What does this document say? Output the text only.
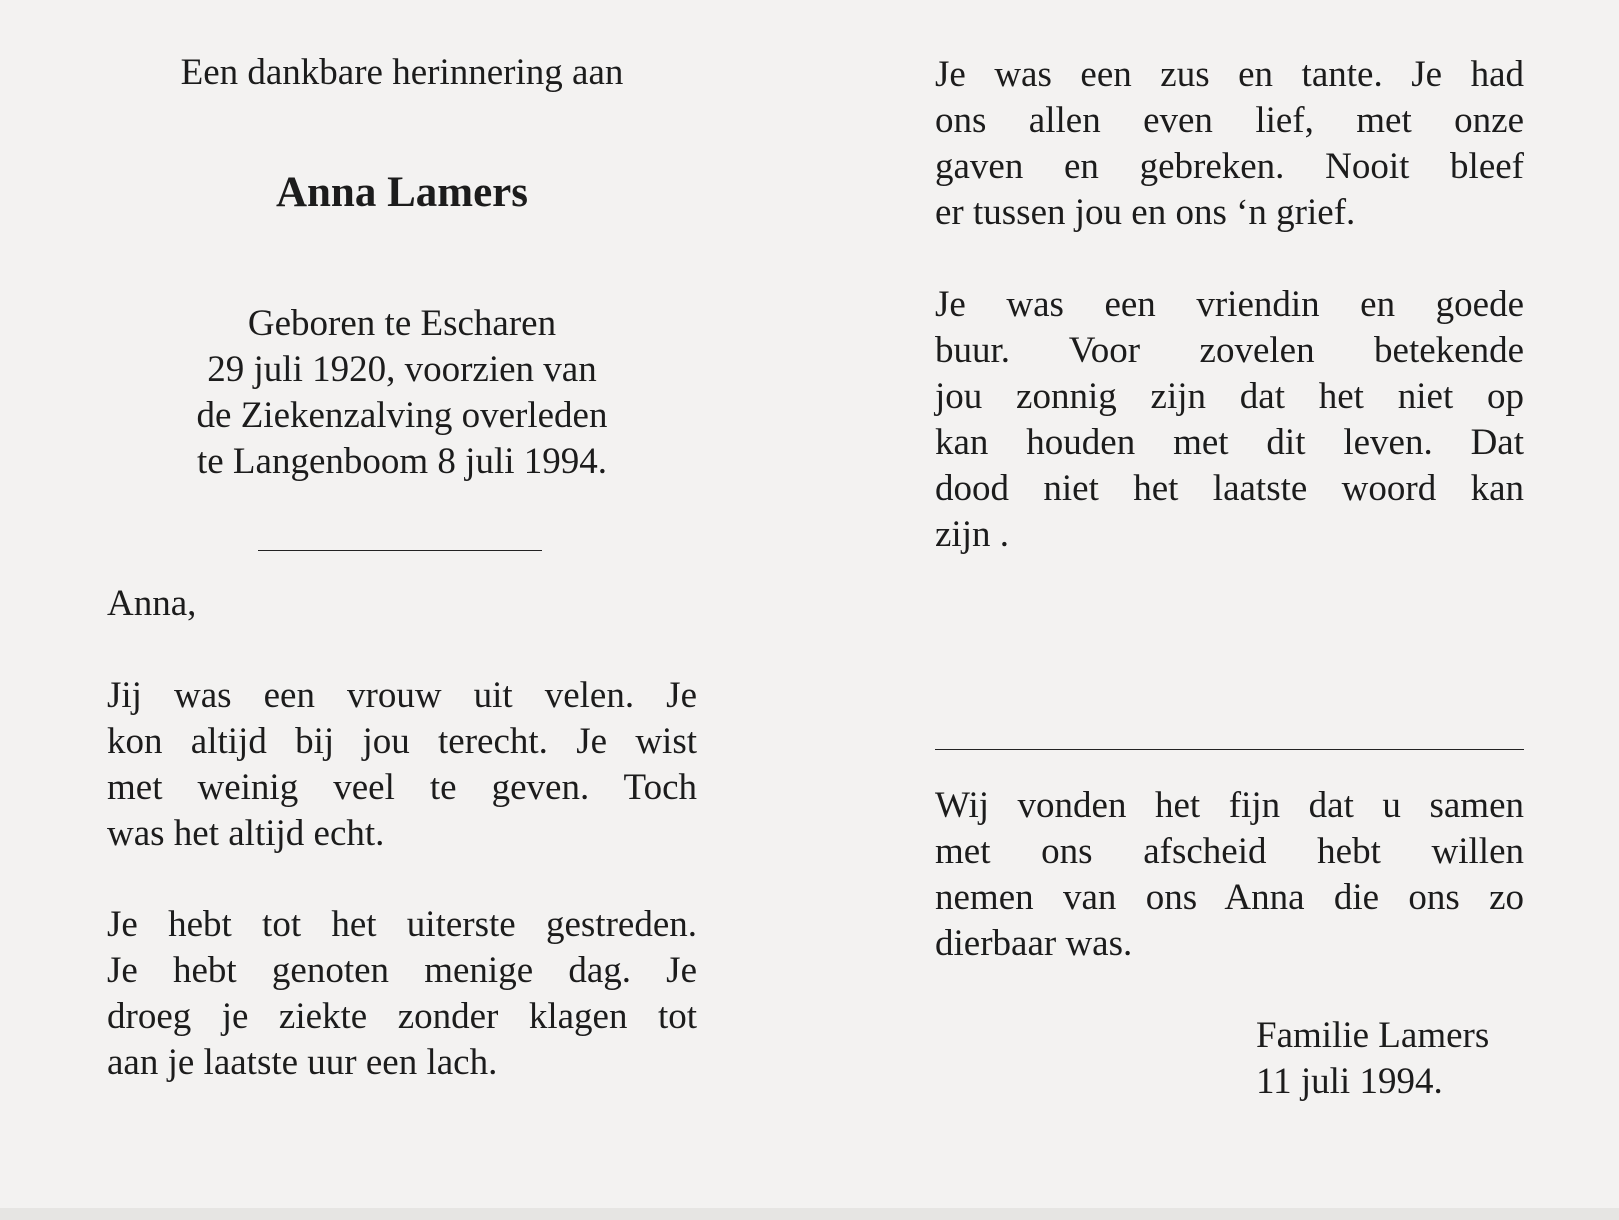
Een dankbare herinnering aan

Anna Lamers

Geboren te Escharen

29 juli 1920, voorzien van

de Ziekenzalving overleden

te Langenboom 8 juli 1994.

Anna,

Jij was een vrouw uit velen. Je

kon altijd bij jou terecht. Je wist

met weinig veel te geven. Toch

was het altijd echt.

Je hebt tot het uiterste gestreden.

Je hebt genoten menige dag. Je

droeg je ziekte zonder klagen tot

aan je laatste uur een lach.

Je was een zus en tante. Je had

ons allen even lief, met onze

gaven en gebreken. Nooit bleef

er tussen jou en ons ‘n grief.

Je was een vriendin en goede

buur. Voor zovelen betekende

jou zonnig zijn dat het niet op

kan houden met dit leven. Dat

dood niet het laatste woord kan

zijn .

Wij vonden het fijn dat u samen

met ons afscheid hebt willen

nemen van ons Anna die ons zo

dierbaar was.

Familie Lamers

11 juli 1994.
